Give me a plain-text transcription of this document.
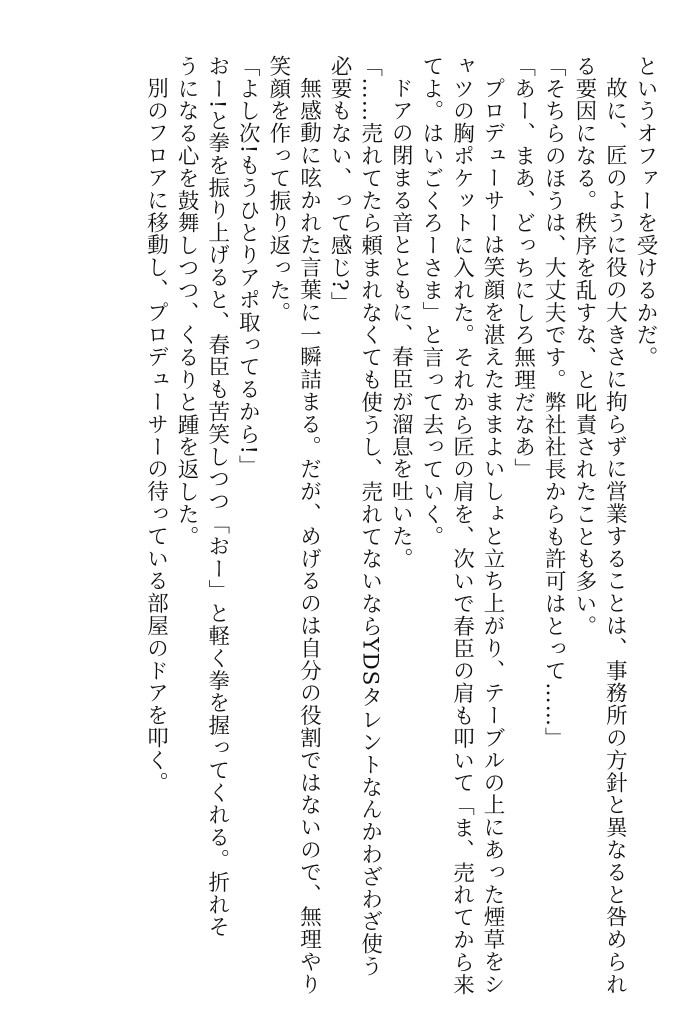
というオファーを受けるかだ。
故に、匠のように役の大きさに拘らずに営業することは、事務所の方針と異なると咎められ
る要因になる。秩序を乱すな、と叱責されたことも多い。
「そちらのほうは、大丈夫です。弊社社長からも許可はとって……」
「あー、まあ、どっちにしろ無理だなあ」
プロデューサーは笑顔を湛えたままよいしょと立ち上がり、テーブルの上にあった煙草をシ
ャツの胸ポケットに入れた。それから匠の肩を、次いで春臣の肩も叩いて「ま、売れてから来
てよ。はいごくろーさま」と言って去っていく。
ドアの閉まる音とともに、春臣が溜息を吐いた。
「……売れてたら頼まれなくても使うし、売れてないならYDSタレントなんかわざわざ使う
必要もない、って感じ?」
無感動に呟かれた言葉に一瞬詰まる。だが、めげるのは自分の役割ではないので、無理やり
笑顔を作って振り返った。
「よし次!もうひとりアポ取ってるから!」
おー!と拳を振り上げると、春臣も苦笑しつつ「おー」と軽く拳を握ってくれる。折れそ
うになる心を鼓舞しつつ、くるりと踵を返した。
別のフロアに移動し、プロデューサーの待っている部屋のドアを叩く。
